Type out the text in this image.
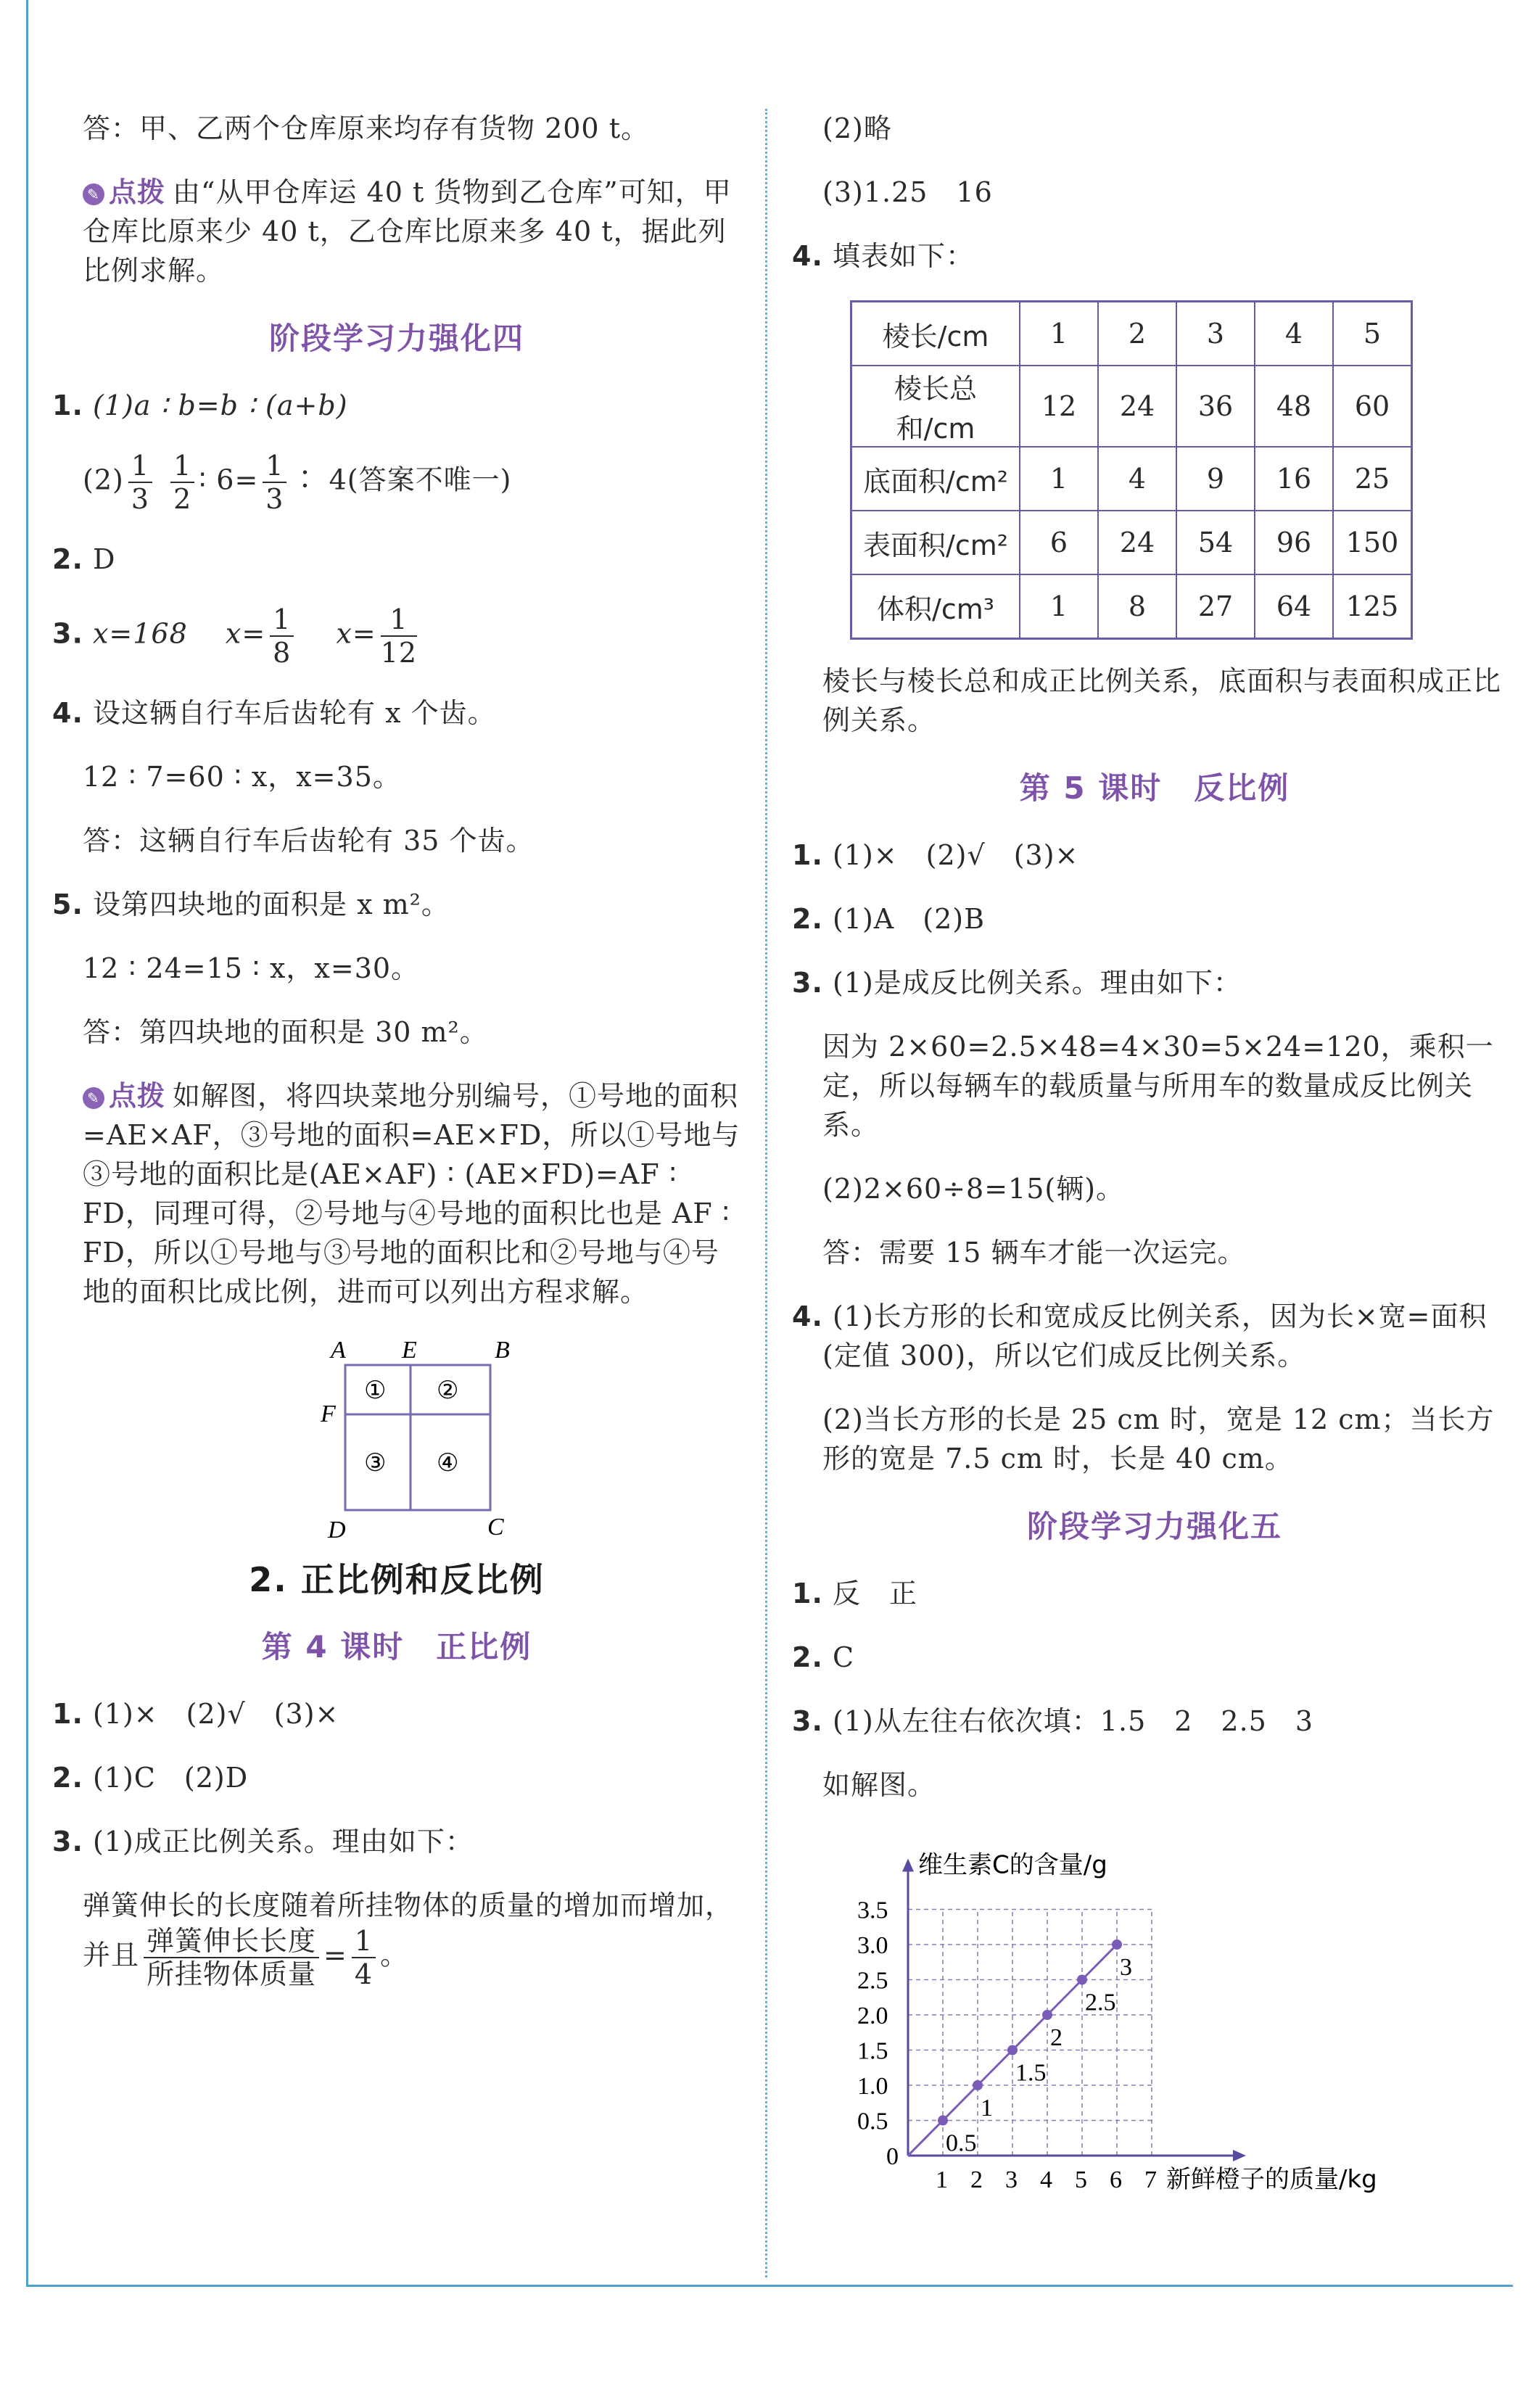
答：甲、乙两个仓库原来均存有货物 200 t。

✎ 点拨 由“从甲仓库运 40 t 货物到乙仓库”可知，甲仓库比原来少 40 t，乙仓库比原来多 40 t，据此列比例求解。

阶段学习力强化四

1. (1)a ∶ b=b ∶ (a+b)

$(2) \frac{1}{3}$
$\frac{1}{2}$ ∶ $6= \frac{1}{3}$ ∶ 4(答案不唯一)

2. D

3. x=168　 $x= \frac{1}{8}$
　 $x= \frac{1}{12}$

4. 设这辆自行车后齿轮有 x 个齿。

12 ∶ 7=60 ∶ x，x=35。

答：这辆自行车后齿轮有 35 个齿。

5. 设第四块地的面积是 x m²。

12 ∶ 24=15 ∶ x，x=30。

答：第四块地的面积是 30 m²。

✎ 点拨 如解图，将四块菜地分别编号，①号地的面积=AE×AF，③号地的面积=AE×FD，所以①号地与③号地的面积比是(AE×AF) ∶ (AE×FD)=AF ∶ FD，同理可得，②号地与④号地的面积比也是 AF ∶ FD，所以①号地与③号地的面积比和②号地与④号地的面积比成比例，进而可以列出方程求解。

A E	B
F
D	C
① ②
③ ④
2. 正比例和反比例
第 4 课时　正比例

1. (1)×　(2)√　(3)×

2. (1)C　(2)D

3. (1)成正比例关系。理由如下：

弹簧伸长的长度随着所挂物体的质量的增加而增加，并且 $\frac{\text{弹簧伸长长度}}{\text{所挂物体质量}} = \frac{1}{4}$ 。

(2)略

(3)1.25　16

4. 填表如下：

棱长/cm	1	2	3	4	5
棱长总和/cm	12	24	36	48	60
底面积/cm²	1	4	9	16	25
表面积/cm²	6	24	54	96	150
体积/cm³	1	8	27	64	125

棱长与棱长总和成正比例关系，底面积与表面积成正比例关系。

第 5 课时　反比例

1. (1)×　(2)√　(3)×

2. (1)A　(2)B

3. (1)是成反比例关系。理由如下：

因为 2×60=2.5×48=4×30=5×24=120，乘积一定，所以每辆车的载质量与所用车的数量成反比例关系。

(2)2×60÷8=15(辆)。

答：需要 15 辆车才能一次运完。

4. (1)长方形的长和宽成反比例关系，因为长×宽=面积(定值 300)，所以它们成反比例关系。

(2)当长方形的长是 25 cm 时，宽是 12 cm；当长方形的宽是 7.5 cm 时，长是 40 cm。

阶段学习力强化五

1. 反　正

2. C

3. (1)从左往右依次填：1.5　2　2.5　3

如解图。

1 2 3 4 5 6 7
0.5
1.0
1.5
2.0
2.5
3.0
3.5
0
维生素C的含量/g
新鲜橙子的质量/kg
0.5
1
1.5
2
2.5
3
